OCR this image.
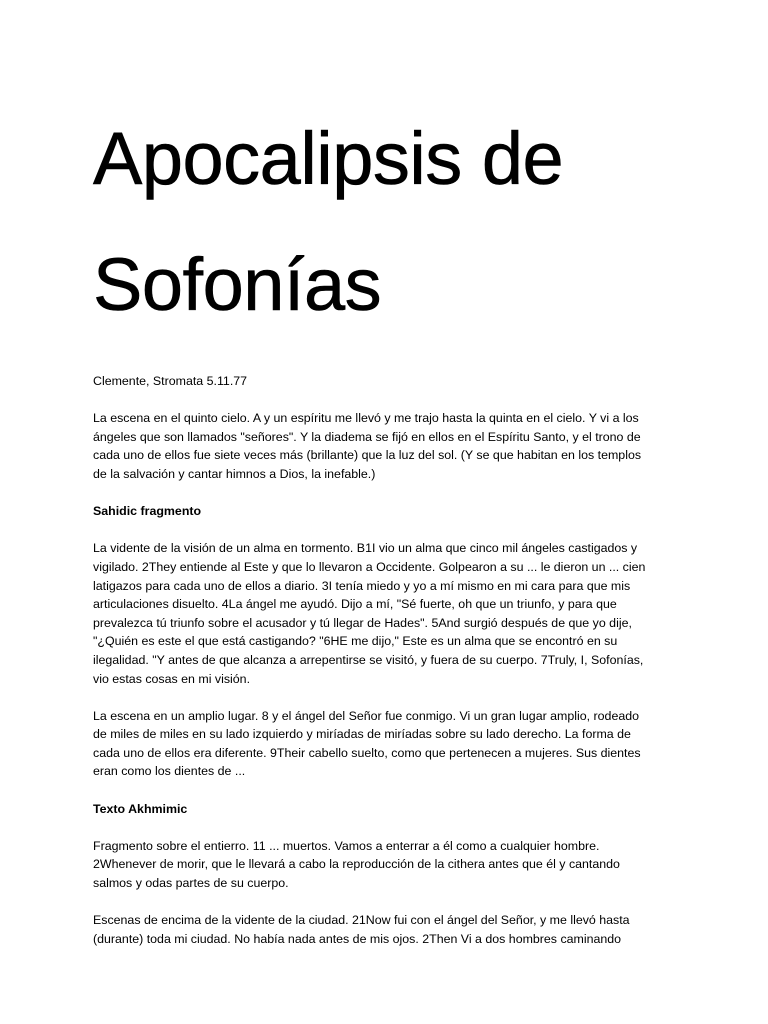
Apocalipsis de
Sofonías

Clemente, Stromata 5.11.77

La escena en el quinto cielo. A y un espíritu me llevó y me trajo hasta la quinta en el cielo. Y vi a los
ángeles que son llamados "señores". Y la diadema se fijó en ellos en el Espíritu Santo, y el trono de
cada uno de ellos fue siete veces más (brillante) que la luz del sol. (Y se que habitan en los templos
de la salvación y cantar himnos a Dios, la inefable.)

Sahidic fragmento

La vidente de la visión de un alma en tormento. B1I vio un alma que cinco mil ángeles castigados y
vigilado. 2They entiende al Este y que lo llevaron a Occidente. Golpearon a su ... le dieron un ... cien
latigazos para cada uno de ellos a diario. 3I tenía miedo y yo a mí mismo en mi cara para que mis
articulaciones disuelto. 4La ángel me ayudó. Dijo a mí, "Sé fuerte, oh que un triunfo, y para que
prevalezca tú triunfo sobre el acusador y tú llegar de Hades". 5And surgió después de que yo dije,
"¿Quién es este el que está castigando? "6HE me dijo," Este es un alma que se encontró en su
ilegalidad. "Y antes de que alcanza a arrepentirse se visitó, y fuera de su cuerpo. 7Truly, I, Sofonías,
vio estas cosas en mi visión.

La escena en un amplio lugar. 8 y el ángel del Señor fue conmigo. Vi un gran lugar amplio, rodeado
de miles de miles en su lado izquierdo y miríadas de miríadas sobre su lado derecho. La forma de
cada uno de ellos era diferente. 9Their cabello suelto, como que pertenecen a mujeres. Sus dientes
eran como los dientes de ...

Texto Akhmimic

Fragmento sobre el entierro. 11 ... muertos. Vamos a enterrar a él como a cualquier hombre.
2Whenever de morir, que le llevará a cabo la reproducción de la cithera antes que él y cantando
salmos y odas partes de su cuerpo.

Escenas de encima de la vidente de la ciudad. 21Now fui con el ángel del Señor, y me llevó hasta
(durante) toda mi ciudad. No había nada antes de mis ojos. 2Then Vi a dos hombres caminando
